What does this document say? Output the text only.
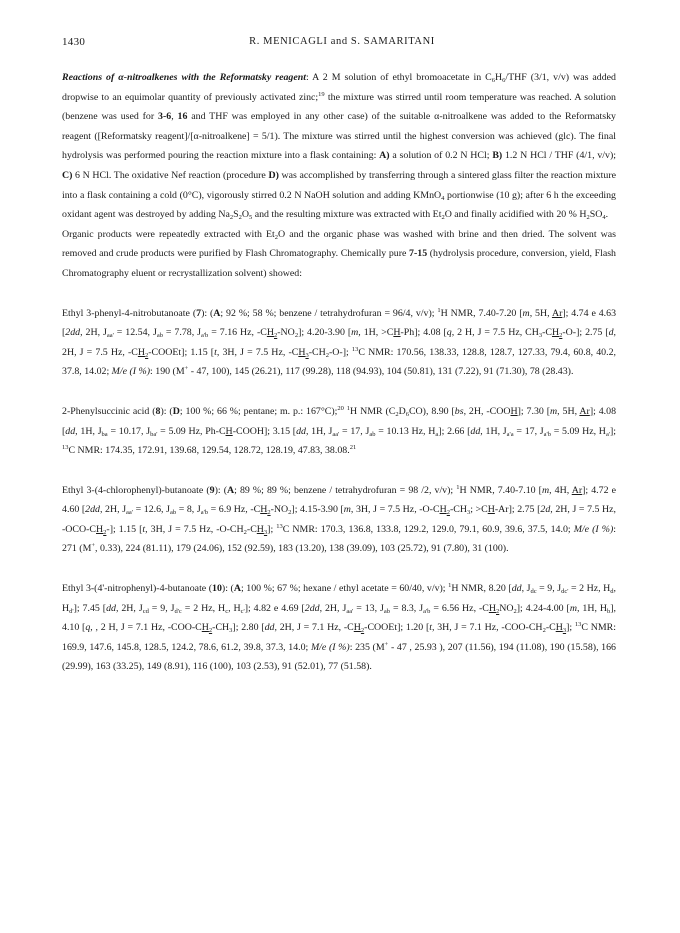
1430	R. MENICAGLI and S. SAMARITANI

Reactions of α-nitroalkenes with the Reformatsky reagent: A 2 M solution of ethyl bromoacetate in $C_6H_6$/THF (3/1, v/v) was added dropwise to an equimolar quantity of previously activated zinc;$^{19}$ the mixture was stirred until room temperature was reached. A solution (benzene was used for 3-6, 16 and THF was employed in any other case) of the suitable α-nitroalkene was added to the Reformatsky reagent ([Reformatsky reagent]/[α-nitroalkene] = 5/1). The mixture was stirred until the highest conversion was achieved (glc). The final hydrolysis was performed pouring the reaction mixture into a flask containing: A) a solution of 0.2 N HCl; B) 1.2 N HCl / THF (4/1, v/v); C) 6 N HCl. The oxidative Nef reaction (procedure D) was accomplished by transferring through a sintered glass filter the reaction mixture into a flask containing a cold (0°C), vigorously stirred 0.2 N NaOH solution and adding KMnO$_4$ portionwise (10 g); after 6 h the exceeding oxidant agent was destroyed by adding $Na_2S_2O_5$ and the resulting mixture was extracted with $Et_2O$ and finally acidified with 20 % $H_2SO_4$.

Organic products were repeatedly extracted with $Et_2O$ and the organic phase was washed with brine and then dried. The solvent was removed and crude products were purified by Flash Chromatography. Chemically pure 7-15 (hydrolysis procedure, conversion, yield, Flash Chromatography eluent or recrystallization solvent) showed:

Ethyl 3-phenyl-4-nitrobutanoate (7): (A; 92 %; 58 %; benzene / tetrahydrofuran = 96/4, v/v); $^1$H NMR, 7.40-7.20 [m, 5H, Ar]; 4.74 e 4.63 [2dd, 2H, $J_{aa'} = 12.54$, $J_{ab} = 7.78$, $J_{a'b} = 7.16$ Hz, $-CH_2-NO_2$]; 4.20-3.90 [m, 1H, >CH-Ph]; 4.08 [q, 2 H, J = 7.5 Hz, $CH_3-CH_2-O-$]; 2.75 [d, 2H, J = 7.5 Hz, $-CH_2-COOEt$]; 1.15 [t, 3H, J = 7.5 Hz, $-CH_3-CH_2-O-$]; $^{13}$C NMR: 170.56, 138.33, 128.8, 128.7, 127.33, 79.4, 60.8, 40.2, 37.8, 14.02; M/e (I %): 190 (M+ - 47, 100), 145 (26.21), 117 (99.28), 118 (94.93), 104 (50.81), 131 (7.22), 91 (71.30), 78 (28.43).

2-Phenylsuccinic acid (8): (D; 100 %; 66 %; pentane; m. p.: 167°C);$^{20}$ $^1$H NMR $(C_2D_6CO)$, 8.90 [bs, 2H, -COOH]; 7.30 [m, 5H, Ar]; 4.08 [dd, 1H, $J_{ba} = 10.17$, $J_{ba'} = 5.09$ Hz, Ph-CH-COOH]; 3.15 [dd, 1H, $J_{aa'} = 17$, $J_{ab} = 10.13$ Hz, $H_a$]; 2.66 [dd, 1H, $J_{a'a} = 17$, $J_{a'b} = 5.09$ Hz, $H_{a'}$]; $^{13}$C NMR: 174.35, 172.91, 139.68, 129.54, 128.72, 128.19, 47.83, 38.08.21

Ethyl 3-(4-chlorophenyl)-butanoate (9): (A; 89 %; 89 %; benzene / tetrahydrofuran = 98 /2, v/v); $^1$H NMR, 7.40-7.10 [m, 4H, Ar]; 4.72 e 4.60 [2dd, 2H, $J_{aa'} = 12.6$, $J_{ab} = 8$, $J_{a'b} = 6.9$ Hz, $-CH_2-NO_2$]; 4.15-3.90 [m, 3H, J = 7.5 Hz, $-O-CH_2-CH_3$; >CH-Ar]; 2.75 [2d, 2H, J = 7.5 Hz, $-OCO-CH_2-$]; 1.15 [t, 3H, J = 7.5 Hz, $-O-CH_2-CH_3$]; $^{13}$C NMR: 170.3, 136.8, 133.8, 129.2, 129.0, 79.1, 60.9, 39.6, 37.5, 14.0; M/e (I %): 271 (M+, 0.33), 224 (81.11), 179 (24.06), 152 (92.59), 183 (13.20), 138 (39.09), 103 (25.72), 91 (7.80), 31 (100).

Ethyl 3-(4'-nitrophenyl)-4-butanoate (10): (A; 100 %; 67 %; hexane / ethyl acetate = 60/40, v/v); $^1$H NMR, 8.20 [dd, $J_{dc} = 9$, $J_{dc'} = 2$ Hz, $H_d$, $H_{d'}$]; 7.45 [dd, 2H, $J_{cd} = 9$, $J_{d'c} = 2$ Hz, $H_c$, $H_{c'}$]; 4.82 e 4.69 [2dd, 2H, $J_{aa'} = 13$, $J_{ab} = 8.3$, $J_{a'b} = 6.56$ Hz, $-CH_2NO_2$]; 4.24-4.00 [m, 1H, $H_b$], 4.10 [q, , 2 H, J = 7.1 Hz, $-COO-CH_2-CH_3$]; 2.80 [dd, 2H, J = 7.1 Hz, $-CH_2-COOEt$]; 1.20 [t, 3H, J = 7.1 Hz, $-COO-CH_2-CH_3$]; $^{13}$C NMR: 169.9, 147.6, 145.8, 128.5, 124.2, 78.6, 61.2, 39.8, 37.3, 14.0; M/e (I %): 235 (M+ - 47 , 25.93 ), 207 (11.56), 194 (11.08), 190 (15.58), 166 (29.99), 163 (33.25), 149 (8.91), 116 (100), 103 (2.53), 91 (52.01), 77 (51.58).
